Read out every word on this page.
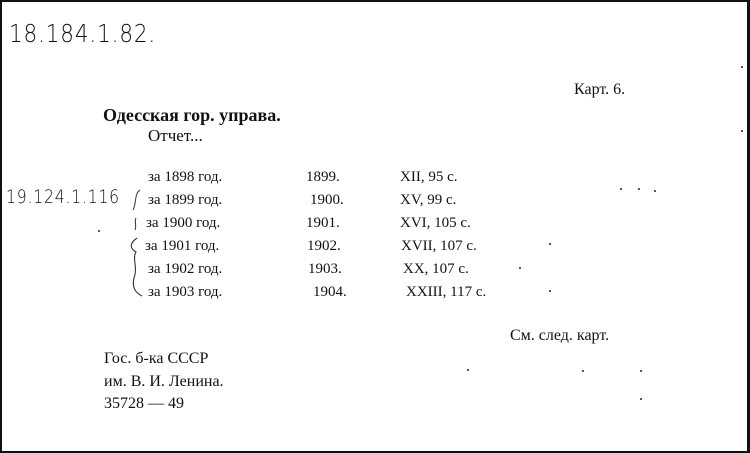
18.184.1.82.
19.124.1.116
Карт. 6.
Одесская гор. управа.
Отчет...
за 1898 год.	1899.	XII, 95 с.
за 1899 год.	1900.	XV, 99 с.
за 1900 год.	1901.	XVI, 105 с.
за 1901 год.	1902.	XVII, 107 с.
за 1902 год.	1903.	XX, 107 с.
за 1903 год.	1904.	XXIII, 117 с.
См. след. карт.
Гос. б-ка СССР
им. В. И. Ленина.
35728 — 49
